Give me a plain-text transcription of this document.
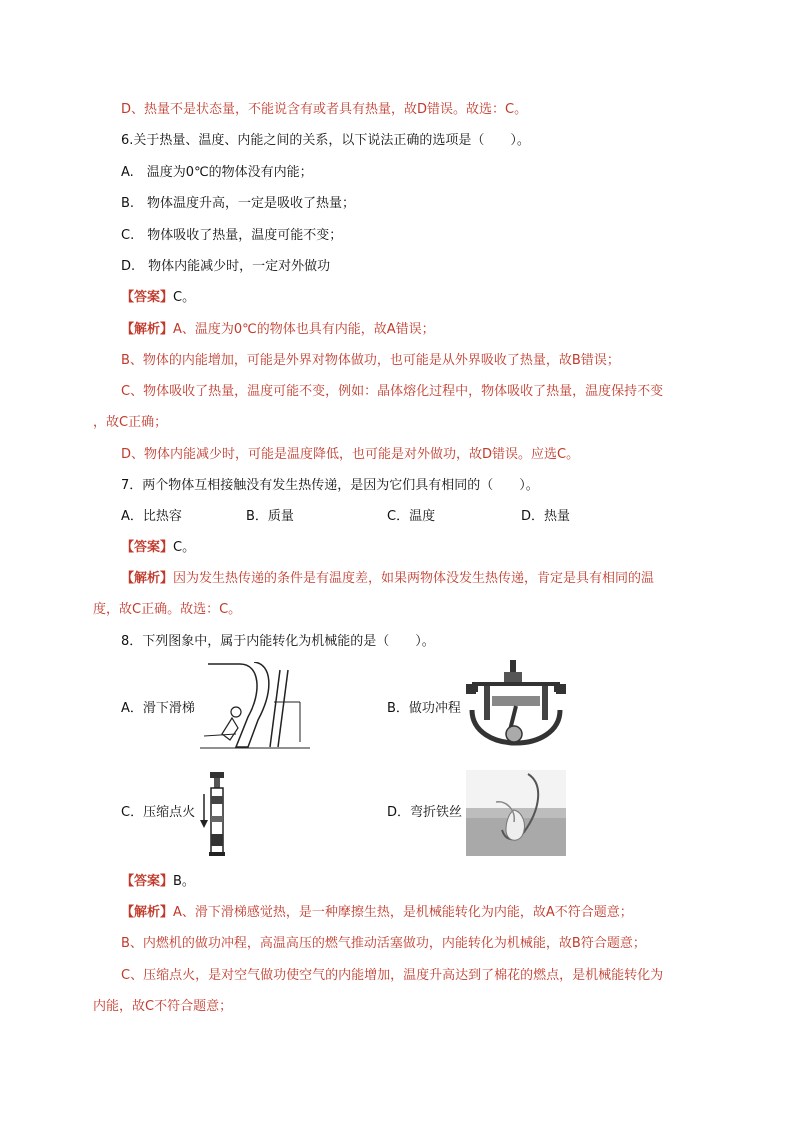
D、热量不是状态量，不能说含有或者具有热量，故D错误。故选：C。
6.关于热量、温度、内能之间的关系，以下说法正确的选项是（　　）。
A.　温度为0℃的物体没有内能；
B.　物体温度升高，一定是吸收了热量；
C.　物体吸收了热量，温度可能不变；
D.　物体内能减少时，一定对外做功
【答案】C。
【解析】A、温度为0℃的物体也具有内能，故A错误；
B、物体的内能增加，可能是外界对物体做功，也可能是从外界吸收了热量，故B错误；
C、物体吸收了热量，温度可能不变，例如：晶体熔化过程中，物体吸收了热量，温度保持不变
，故C正确；
D、物体内能减少时，可能是温度降低，也可能是对外做功，故D错误。应选C。
7．两个物体互相接触没有发生热传递，是因为它们具有相同的（　　）。
A．比热容	B．质量	C．温度	D．热量
【答案】C。
【解析】因为发生热传递的条件是有温度差，如果两物体没发生热传递，肯定是具有相同的温
度，故C正确。故选：C。
8．下列图象中，属于内能转化为机械能的是（　　）。
A．滑下滑梯	B．做功冲程
C．压缩点火	D．弯折铁丝
【答案】B。
【解析】A、滑下滑梯感觉热，是一种摩擦生热，是机械能转化为内能，故A不符合题意；
B、内燃机的做功冲程，高温高压的燃气推动活塞做功，内能转化为机械能，故B符合题意；
C、压缩点火，是对空气做功使空气的内能增加，温度升高达到了棉花的燃点，是机械能转化为
内能，故C不符合题意；
